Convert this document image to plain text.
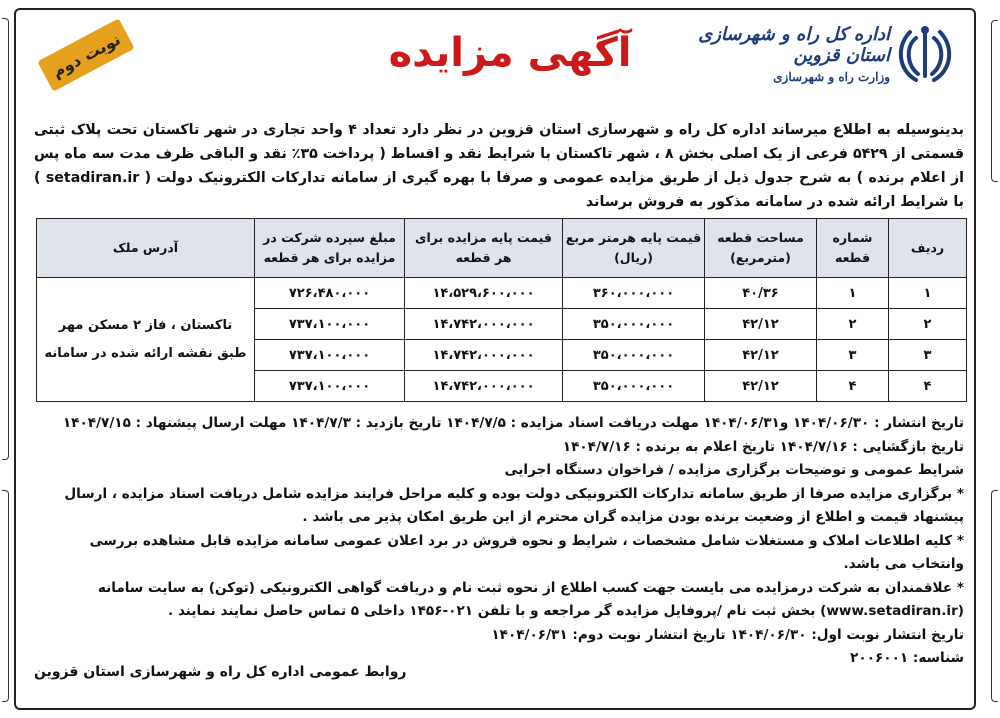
نوبت دوم	آگهی مزایده	اداره کل راه و شهرسازی استان قزوین
وزارت راه و شهرسازی
بدینوسیله به اطلاع میرساند اداره کل راه و شهرسازی استان قزوین در نظر دارد تعداد ۴ واحد تجاری در شهر تاکستان تحت پلاک ثبتی قسمتی از ۵۴۲۹ فرعی از یک اصلی بخش ۸ ، شهر تاکستان با شرایط نقد و اقساط ( پرداخت ۳۵٪ نقد و الباقی ظرف مدت سه ماه پس از اعلام برنده ) به شرح جدول ذیل از طریق مزایده عمومی و صرفا با بهره گیری از سامانه تدارکات الکترونیک دولت ( setadiran.ir ) با شرایط ارائه شده در سامانه مذکور به فروش برساند
ردیف	شماره قطعه	مساحت قطعه (مترمربع)	قیمت پایه هرمتر مربع (ریال)	قیمت پایه مزایده برای هر قطعه	مبلغ سپرده شرکت در مزایده برای هر قطعه	آدرس ملک
۱	۱	۴۰/۳۶	۳۶۰،۰۰۰،۰۰۰	۱۴،۵۲۹،۶۰۰،۰۰۰	۷۲۶،۴۸۰،۰۰۰	تاکستان ، فاز ۲ مسکن مهر
طبق نقشه ارائه شده در سامانه

۲	۲	۴۲/۱۲	۳۵۰،۰۰۰،۰۰۰	۱۴،۷۴۲،۰۰۰،۰۰۰	۷۳۷،۱۰۰،۰۰۰	
۳	۳	۴۲/۱۲	۳۵۰،۰۰۰،۰۰۰	۱۴،۷۴۲،۰۰۰،۰۰۰	۷۳۷،۱۰۰،۰۰۰	
۴	۴	۴۲/۱۲	۳۵۰،۰۰۰،۰۰۰	۱۴،۷۴۲،۰۰۰،۰۰۰	۷۳۷،۱۰۰،۰۰۰	

تاریخ انتشار : ۱۴۰۴/۰۶/۳۰ و۱۴۰۴/۰۶/۳۱ مهلت دریافت اسناد مزایده : ۱۴۰۴/۷/۵ تاریخ بازدید : ۱۴۰۴/۷/۳ مهلت ارسال پیشنهاد : ۱۴۰۴/۷/۱۵

تاریخ بازگشایی : ۱۴۰۴/۷/۱۶ تاریخ اعلام به برنده : ۱۴۰۴/۷/۱۶

شرایط عمومی و توضیحات برگزاری مزایده / فراخوان دستگاه اجرایی

* برگزاری مزایده صرفا از طریق سامانه تدارکات الکترونیکی دولت بوده و کلیه مراحل فرایند مزایده شامل دریافت اسناد مزایده ، ارسال پیشنهاد قیمت و اطلاع از وضعیت برنده بودن مزایده گران محترم از این طریق امکان پذیر می باشد .

* کلیه اطلاعات املاک و مستغلات شامل مشخصات ، شرایط و نحوه فروش در برد اعلان عمومی سامانه مزایده قابل مشاهده بررسی وانتخاب می باشد.

* علاقمندان به شرکت درمزایده می بایست جهت کسب اطلاع از نحوه ثبت نام و دریافت گواهی الکترونیکی (توکن) به سایت سامانه (www.setadiran.ir) بخش ثبت نام /پروفایل مزایده گر مراجعه و با تلفن ۰۲۱-۱۴۵۶ داخلی ۵ تماس حاصل نمایند نمایند .

تاریخ انتشار نوبت اول: ۱۴۰۴/۰۶/۳۰ تاریخ انتشار نوبت دوم: ۱۴۰۴/۰۶/۳۱

شناسه: ۲۰۰۶۰۰۱

روابط عمومی اداره کل راه و شهرسازی استان قزوین
